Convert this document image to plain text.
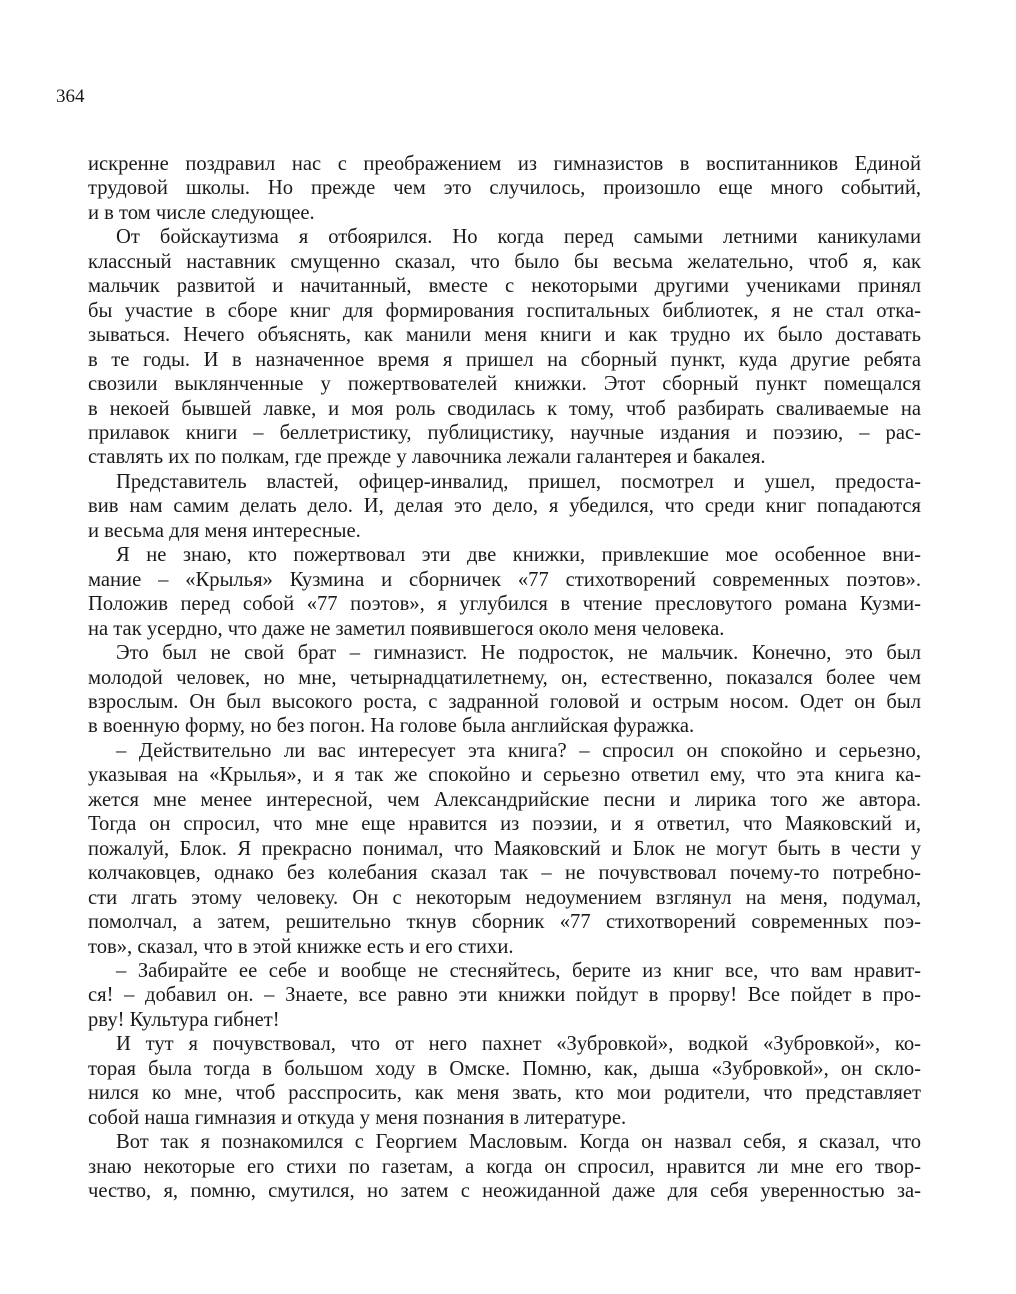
364
искренне поздравил нас с преображением из гимназистов в воспитанников Единой
трудовой школы. Но прежде чем это случилось, произошло еще много событий,
и в том числе следующее.
От бойскаутизма я отбоярился. Но когда перед самыми летними каникулами
классный наставник смущенно сказал, что было бы весьма желательно, чтоб я, как
мальчик развитой и начитанный, вместе с некоторыми другими учениками принял
бы участие в сборе книг для формирования госпитальных библиотек, я не стал отка-
зываться. Нечего объяснять, как манили меня книги и как трудно их было доставать
в те годы. И в назначенное время я пришел на сборный пункт, куда другие ребята
свозили выклянченные у пожертвователей книжки. Этот сборный пункт помещался
в некоей бывшей лавке, и моя роль сводилась к тому, чтоб разбирать сваливаемые на
прилавок книги – беллетристику, публицистику, научные издания и поэзию, – рас-
ставлять их по полкам, где прежде у лавочника лежали галантерея и бакалея.
Представитель властей, офицер-инвалид, пришел, посмотрел и ушел, предоста-
вив нам самим делать дело. И, делая это дело, я убедился, что среди книг попадаются
и весьма для меня интересные.
Я не знаю, кто пожертвовал эти две книжки, привлекшие мое особенное вни-
мание – «Крылья» Кузмина и сборничек «77 стихотворений современных поэтов».
Положив перед собой «77 поэтов», я углубился в чтение пресловутого романа Кузми-
на так усердно, что даже не заметил появившегося около меня человека.
Это был не свой брат – гимназист. Не подросток, не мальчик. Конечно, это был
молодой человек, но мне, четырнадцатилетнему, он, естественно, показался более чем
взрослым. Он был высокого роста, с задранной головой и острым носом. Одет он был
в военную форму, но без погон. На голове была английская фуражка.
– Действительно ли вас интересует эта книга? – спросил он спокойно и серьезно,
указывая на «Крылья», и я так же спокойно и серьезно ответил ему, что эта книга ка-
жется мне менее интересной, чем Александрийские песни и лирика того же автора.
Тогда он спросил, что мне еще нравится из поэзии, и я ответил, что Маяковский и,
пожалуй, Блок. Я прекрасно понимал, что Маяковский и Блок не могут быть в чести у
колчаковцев, однако без колебания сказал так – не почувствовал почему-то потребно-
сти лгать этому человеку. Он с некоторым недоумением взглянул на меня, подумал,
помолчал, а затем, решительно ткнув сборник «77 стихотворений современных поэ-
тов», сказал, что в этой книжке есть и его стихи.
– Забирайте ее себе и вообще не стесняйтесь, берите из книг все, что вам нравит-
ся! – добавил он. – Знаете, все равно эти книжки пойдут в прорву! Все пойдет в про-
рву! Культура гибнет!
И тут я почувствовал, что от него пахнет «Зубровкой», водкой «Зубровкой», ко-
торая была тогда в большом ходу в Омске. Помню, как, дыша «Зубровкой», он скло-
нился ко мне, чтоб расспросить, как меня звать, кто мои родители, что представляет
собой наша гимназия и откуда у меня познания в литературе.
Вот так я познакомился с Георгием Масловым. Когда он назвал себя, я сказал, что
знаю некоторые его стихи по газетам, а когда он спросил, нравится ли мне его твор-
чество, я, помню, смутился, но затем с неожиданной даже для себя уверенностью за-
